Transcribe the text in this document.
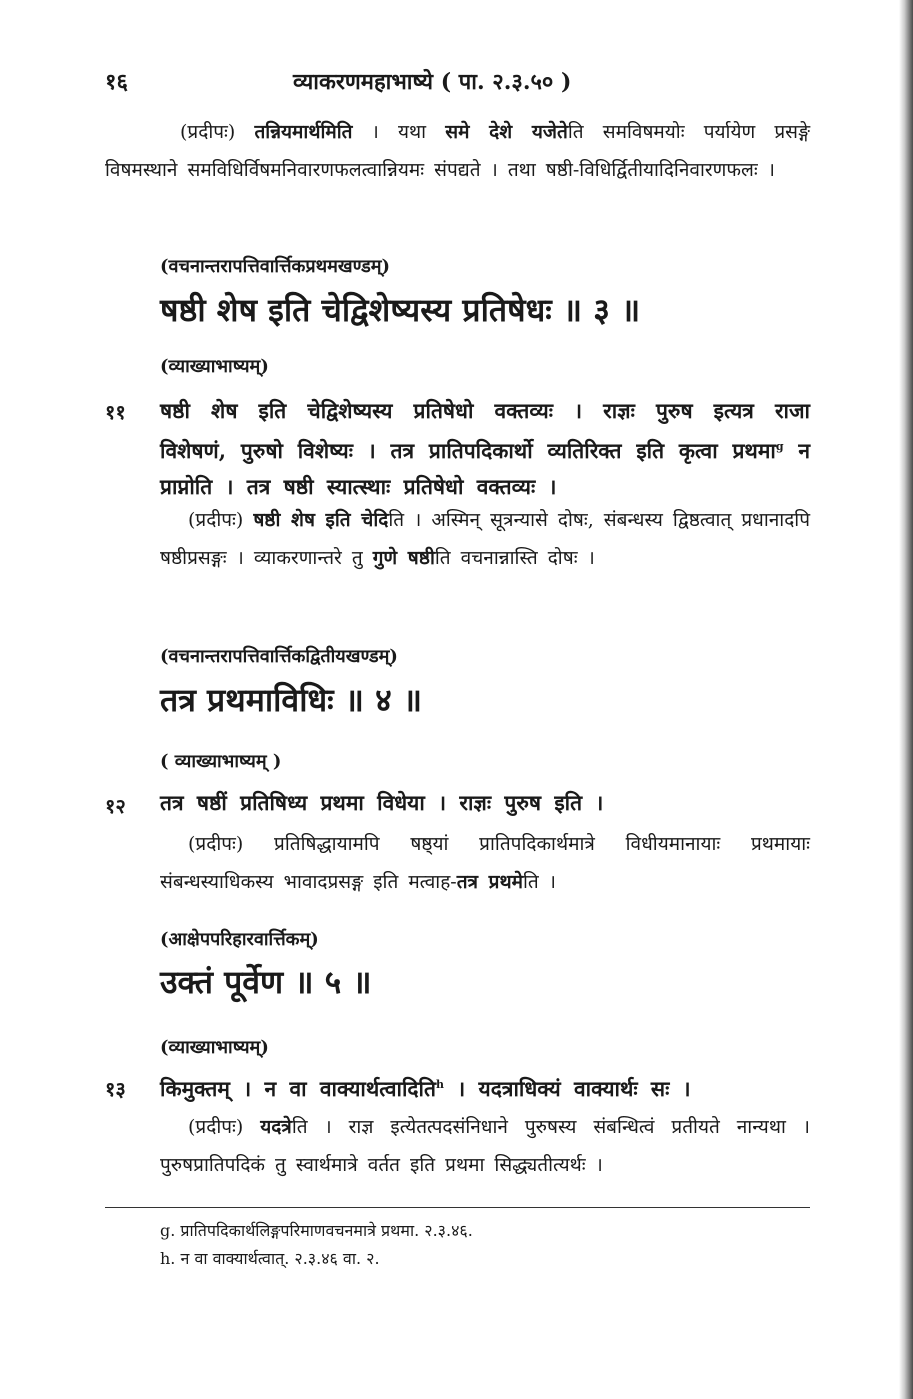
१६	व्याकरणमहाभाष्ये ( पा. २.३.५० )
(प्रदीपः) तन्नियमार्थमिति । यथा समे देशे यजेतेति समविषमयोः पर्यायेण प्रसङ्गे विषमस्थाने समविधिर्विषमनिवारणफलत्वान्नियमः संपद्यते । तथा षष्ठी-विधिर्द्वितीयादिनिवारणफलः ।
(वचनान्तरापत्तिवार्त्तिकप्रथमखण्डम्)
षष्ठी शेष इति चेद्विशेष्यस्य प्रतिषेधः ॥ ३ ॥
(व्याख्याभाष्यम्)
११ षष्ठी शेष इति चेद्विशेष्यस्य प्रतिषेधो वक्तव्यः । राज्ञः पुरुष इत्यत्र राजा विशेषणं, पुरुषो विशेष्यः । तत्र प्रातिपदिकार्थो व्यतिरिक्त इति कृत्वा प्रथमा$^g$ न प्राप्नोति । तत्र षष्ठी स्यात्स्थाः प्रतिषेधो वक्तव्यः ।
(प्रदीपः) षष्ठी शेष इति चेदिति । अस्मिन् सूत्रन्यासे दोषः, संबन्धस्य द्विष्ठत्वात् प्रधानादपि षष्ठीप्रसङ्गः । व्याकरणान्तरे तु गुणे षष्ठीति वचनान्नास्ति दोषः ।
(वचनान्तरापत्तिवार्त्तिकद्वितीयखण्डम्)
तत्र प्रथमाविधिः ॥ ४ ॥
( व्याख्याभाष्यम् )
१२ तत्र षष्ठीं प्रतिषिध्य प्रथमा विधेया । राज्ञः पुरुष इति ।
(प्रदीपः) प्रतिषिद्धायामपि षष्ठ्यां प्रातिपदिकार्थमात्रे विधीयमानायाः प्रथमायाः संबन्धस्याधिकस्य भावादप्रसङ्ग इति मत्वाह-तत्र प्रथमेति ।
(आक्षेपपरिहारवार्त्तिकम्)
उक्तं पूर्वेण ॥ ५ ॥
(व्याख्याभाष्यम्)
१३ किमुक्तम् । न वा वाक्यार्थत्वादिति$^h$ । यदत्राधिक्यं वाक्यार्थः सः ।
(प्रदीपः) यदत्रेति । राज्ञ इत्येतत्पदसंनिधाने पुरुषस्य संबन्धित्वं प्रतीयते नान्यथा । पुरुषप्रातिपदिकं तु स्वार्थमात्रे वर्तत इति प्रथमा सिद्ध्यतीत्यर्थः ।
g. प्रातिपदिकार्थलिङ्गपरिमाणवचनमात्रे प्रथमा. २.३.४६.
h. न वा वाक्यार्थत्वात्. २.३.४६ वा. २.
